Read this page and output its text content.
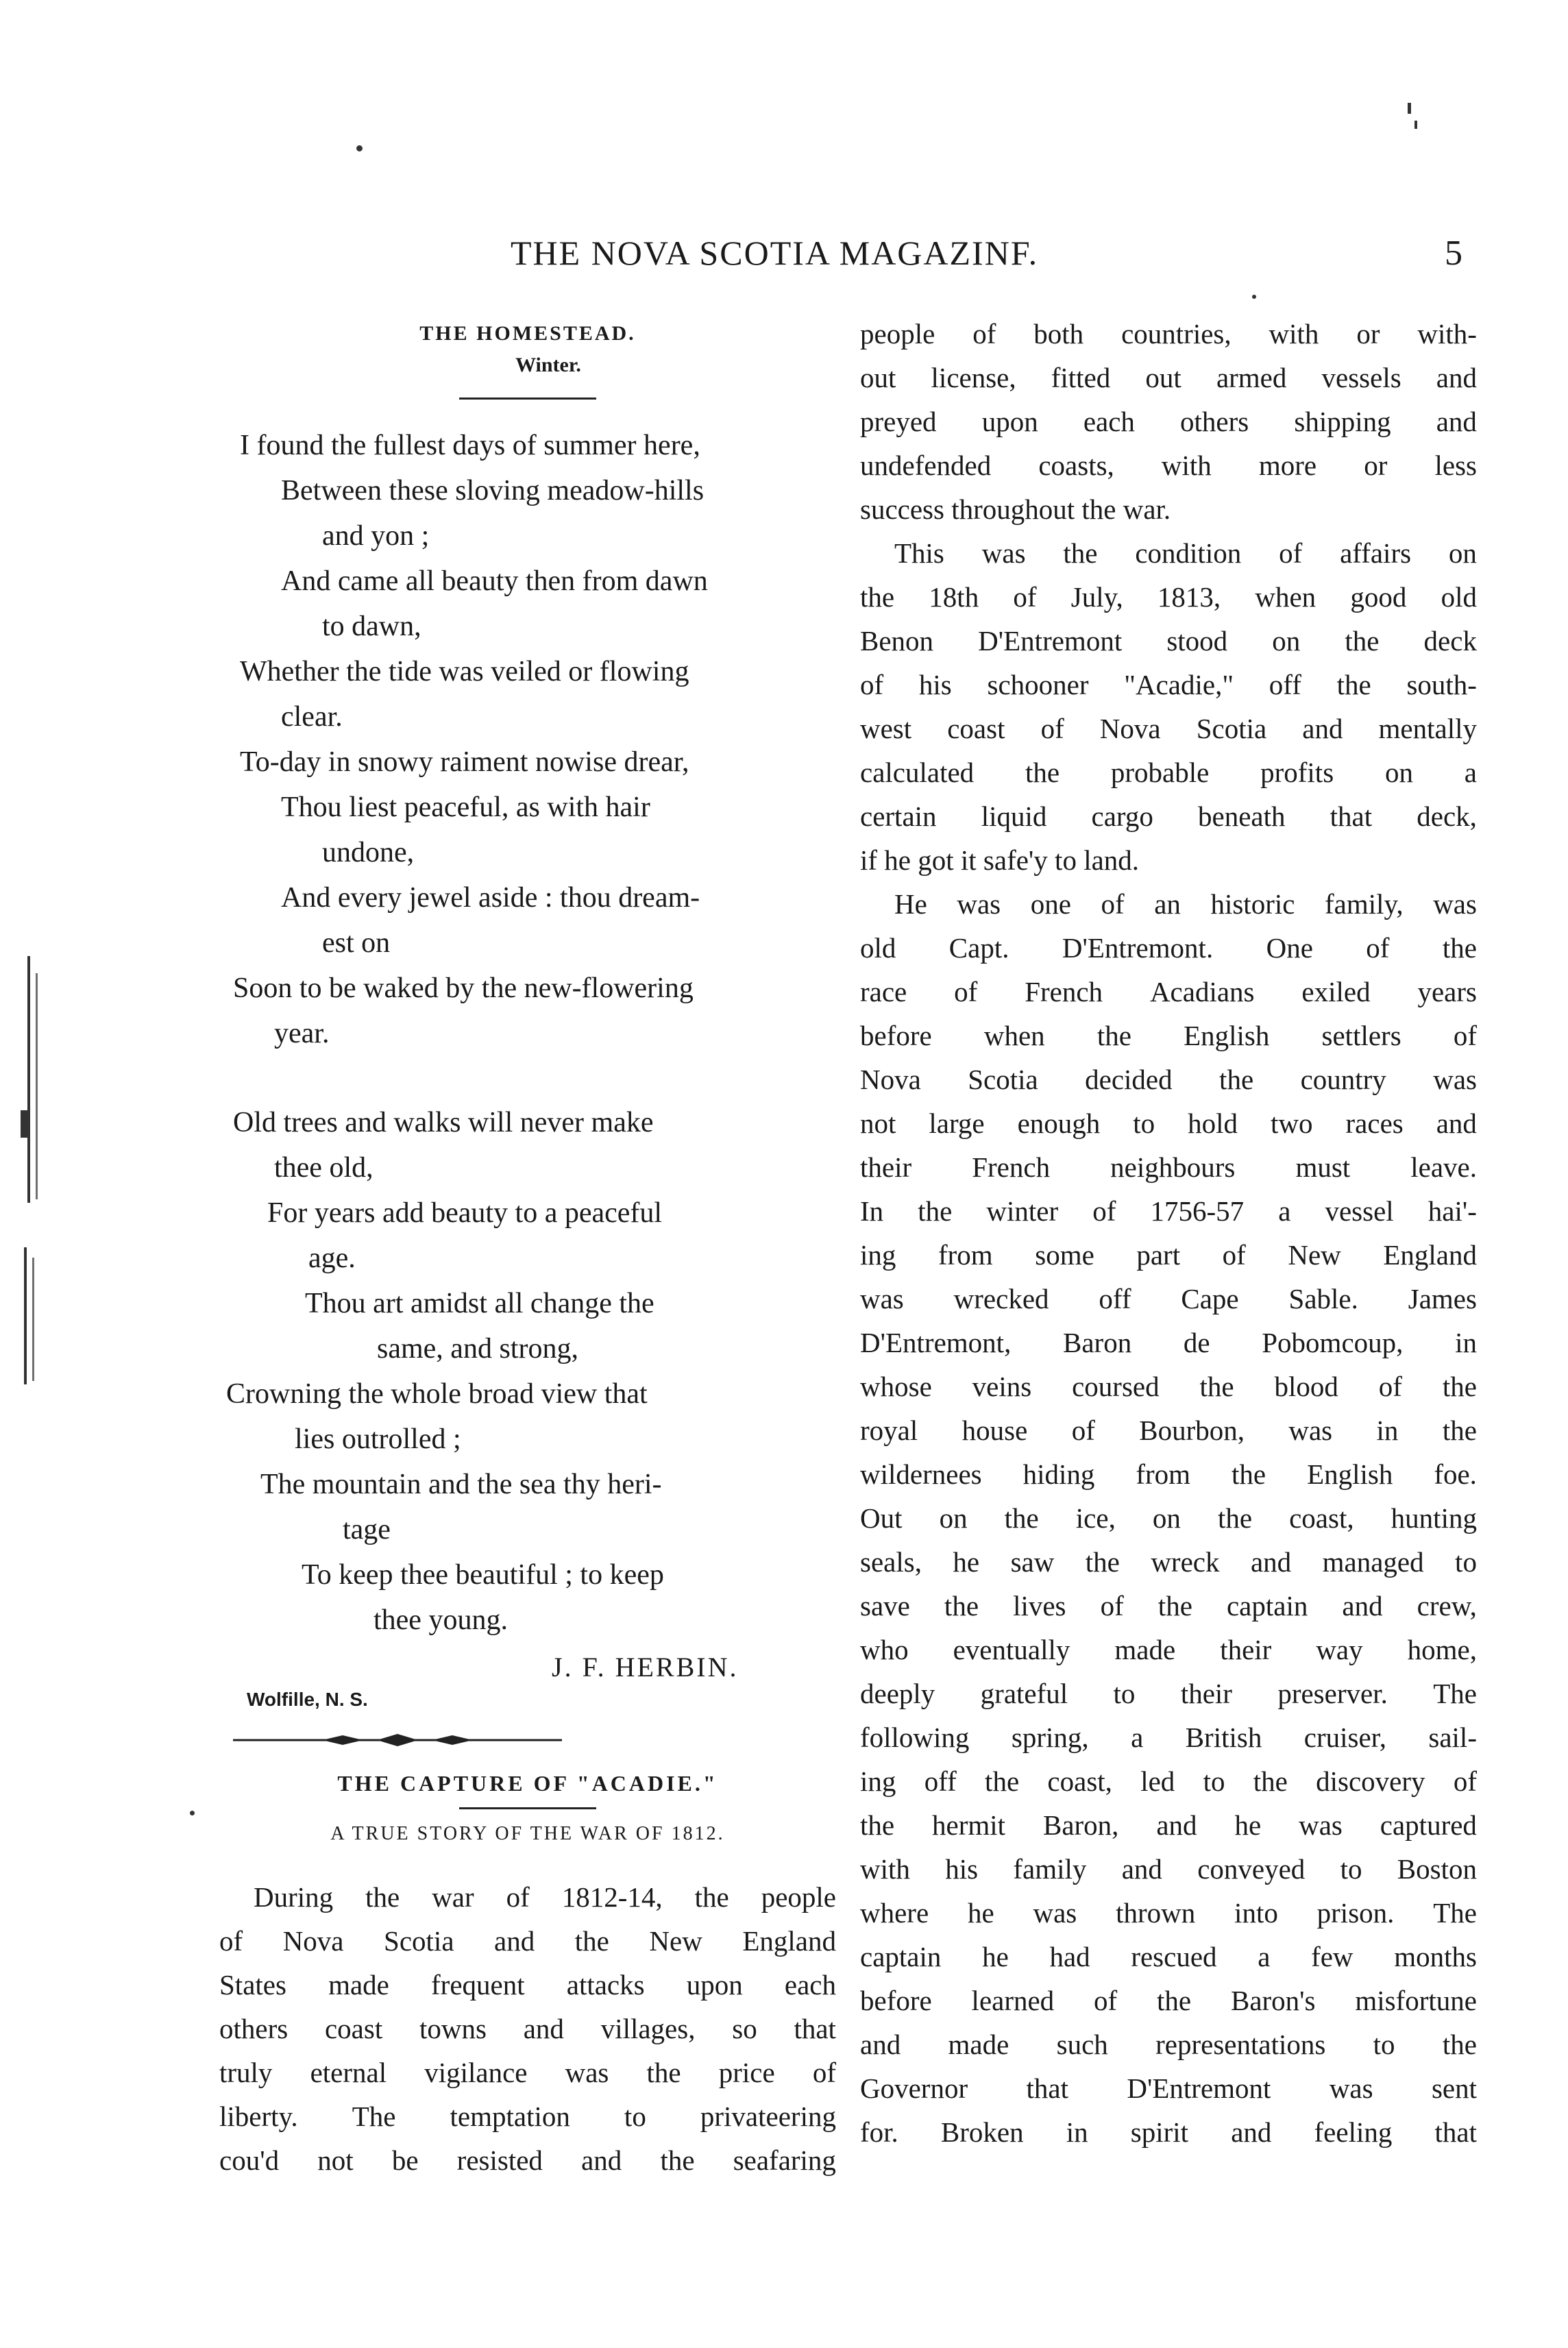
THE NOVA SCOTIA MAGAZINF.	5
THE HOMESTEAD.
Winter.
I found the fullest days of summer here,
Between these sloving meadow-hills
and yon ;
And came all beauty then from dawn
to dawn,
Whether the tide was veiled or flowing
clear.
To-day in snowy raiment nowise drear,
Thou liest peaceful, as with hair
undone,
And every jewel aside : thou dream-
est on
Soon to be waked by the new-flowering
year.
Old trees and walks will never make
thee old,
For years add beauty to a peaceful
age.
Thou art amidst all change the
same, and strong,
Crowning the whole broad view that
lies outrolled ;
The mountain and the sea thy heri-
tage
To keep thee beautiful ; to keep
thee young.
J. F. HERBIN.
Wolfille, N. S.
THE CAPTURE OF "ACADIE."
A TRUE STORY OF THE WAR OF 1812.
During the war of 1812-14, the people
of Nova Scotia and the New England
States made frequent attacks upon each
others coast towns and villages, so that
truly eternal vigilance was the price of
liberty. The temptation to privateering
cou'd not be resisted and the seafaring
people of both countries, with or with-
out license, fitted out armed vessels and
preyed upon each others shipping and
undefended coasts, with more or less
success throughout the war.
This was the condition of affairs on
the 18th of July, 1813, when good old
Benon D'Entremont stood on the deck
of his schooner "Acadie," off the south-
west coast of Nova Scotia and mentally
calculated the probable profits on a
certain liquid cargo beneath that deck,
if he got it safe'y to land.
He was one of an historic family, was
old Capt. D'Entremont. One of the
race of French Acadians exiled years
before when the English settlers of
Nova Scotia decided the country was
not large enough to hold two races and
their French neighbours must leave.
In the winter of 1756-57 a vessel hai'-
ing from some part of New England
was wrecked off Cape Sable. James
D'Entremont, Baron de Pobomcoup, in
whose veins coursed the blood of the
royal house of Bourbon, was in the
wildernees hiding from the English foe.
Out on the ice, on the coast, hunting
seals, he saw the wreck and managed to
save the lives of the captain and crew,
who eventually made their way home,
deeply grateful to their preserver. The
following spring, a British cruiser, sail-
ing off the coast, led to the discovery of
the hermit Baron, and he was captured
with his family and conveyed to Boston
where he was thrown into prison. The
captain he had rescued a few months
before learned of the Baron's misfortune
and made such representations to the
Governor that D'Entremont was sent
for. Broken in spirit and feeling that
